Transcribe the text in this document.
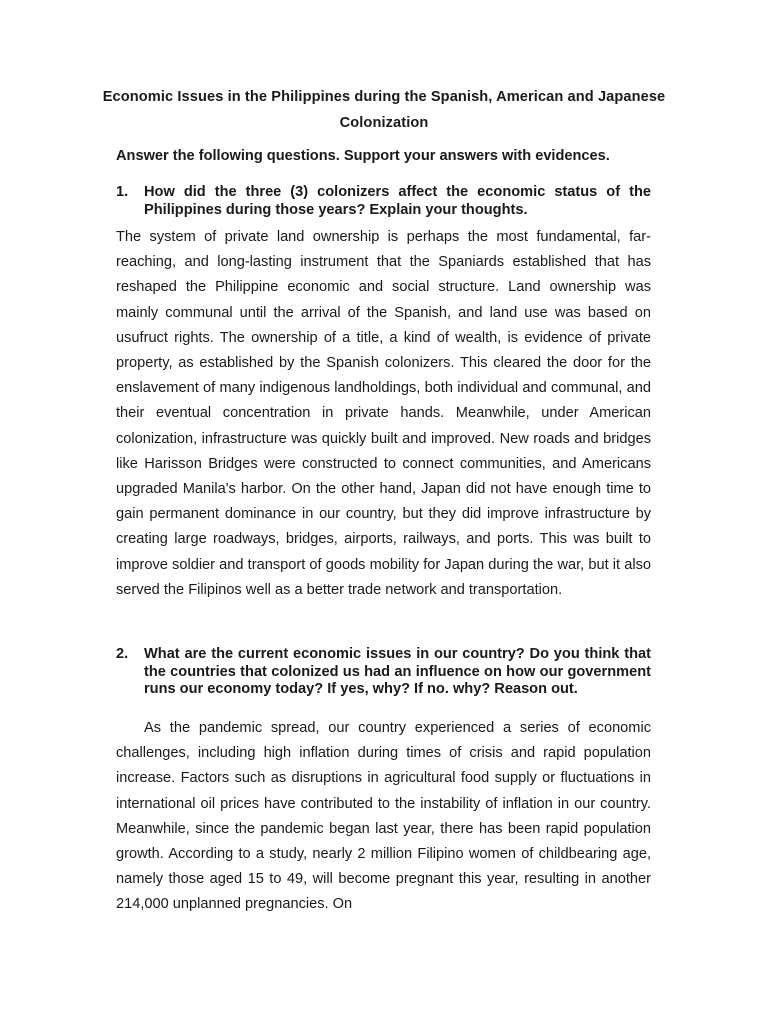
Economic Issues in the Philippines during the Spanish, American and Japanese Colonization
Answer the following questions. Support your answers with evidences.
1. How did the three (3) colonizers affect the economic status of the Philippines during those years? Explain your thoughts.
The system of private land ownership is perhaps the most fundamental, far-reaching, and long-lasting instrument that the Spaniards established that has reshaped the Philippine economic and social structure. Land ownership was mainly communal until the arrival of the Spanish, and land use was based on usufruct rights. The ownership of a title, a kind of wealth, is evidence of private property, as established by the Spanish colonizers. This cleared the door for the enslavement of many indigenous landholdings, both individual and communal, and their eventual concentration in private hands. Meanwhile, under American colonization, infrastructure was quickly built and improved. New roads and bridges like Harisson Bridges were constructed to connect communities, and Americans upgraded Manila's harbor. On the other hand, Japan did not have enough time to gain permanent dominance in our country, but they did improve infrastructure by creating large roadways, bridges, airports, railways, and ports. This was built to improve soldier and transport of goods mobility for Japan during the war, but it also served the Filipinos well as a better trade network and transportation.
2. What are the current economic issues in our country? Do you think that the countries that colonized us had an influence on how our government runs our economy today? If yes, why? If no. why? Reason out.
As the pandemic spread, our country experienced a series of economic challenges, including high inflation during times of crisis and rapid population increase. Factors such as disruptions in agricultural food supply or fluctuations in international oil prices have contributed to the instability of inflation in our country. Meanwhile, since the pandemic began last year, there has been rapid population growth. According to a study, nearly 2 million Filipino women of childbearing age, namely those aged 15 to 49, will become pregnant this year, resulting in another 214,000 unplanned pregnancies. On
